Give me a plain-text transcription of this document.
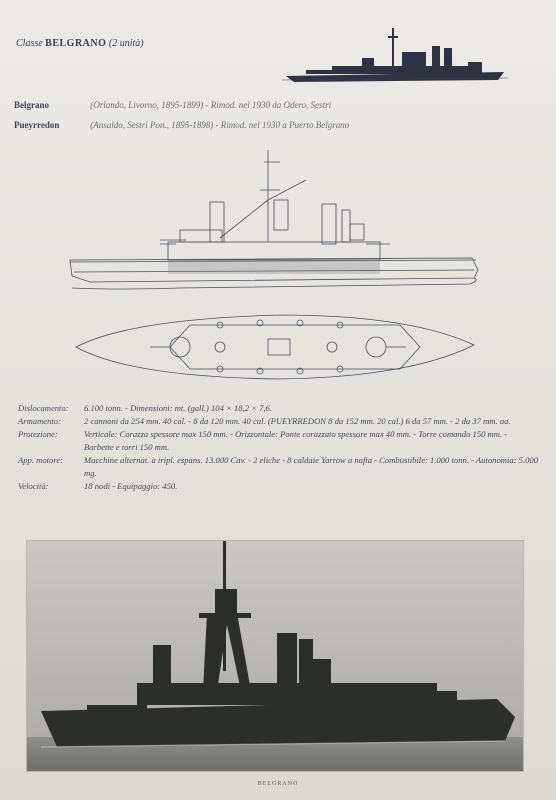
Classe BELGRANO (2 unità)
Belgrano	(Orlando, Livorno, 1895-1899) - Rimod. nel 1930 da Odero, Sestri
Pueyrredon	(Ansaldo, Sestri Pon., 1895-1898) - Rimod. nel 1930 a Puerto Belgrano
Dislocamento:	6.100 tonn. - Dimensioni: mt. (gall.) 104 × 18,2 × 7,6.
Armamento:	2 cannoni da 254 mm. 40 cal. - 8 da 120 mm. 40 cal. (PUEYRREDON 8 da 152 mm. 20 cal.) 6 da 57 mm. - 2 da 37 mm. aa.
Protezione:	Verticale: Corazza spessore max 150 mm. - Orizzontale: Ponte corazzato spessore max 40 mm. - Torre comando 150 mm. - Barbette e torri 150 mm.
App. motore:	Macchine alternat. a tripl. espans. 13.000 Cav. - 2 eliche - 8 caldaie Yarrow a nafta - Combustibile: 1.000 tonn. - Autonomia: 5.000 mg.
Velocità:	18 nodi - Equipaggio: 450.
BELGRANO
